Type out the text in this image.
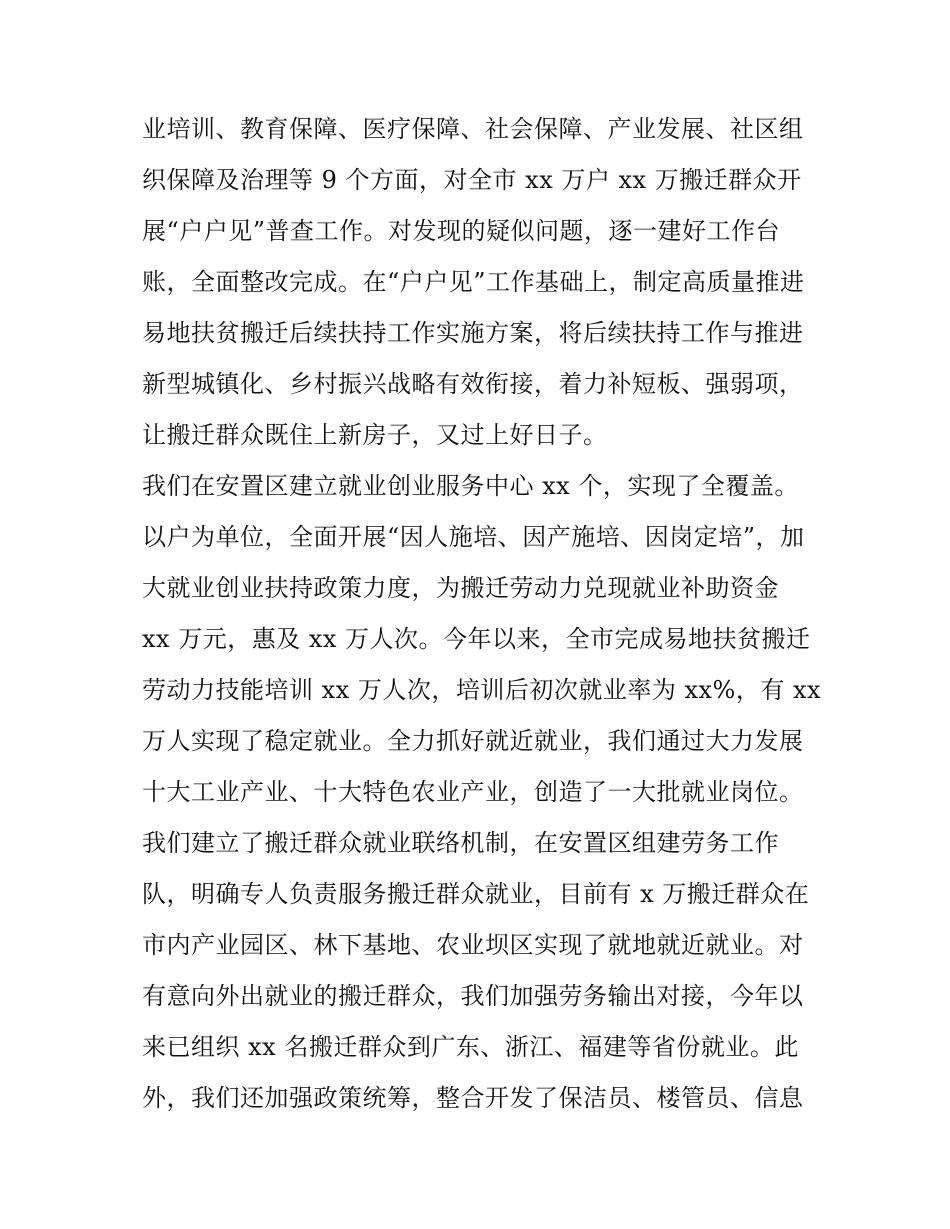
业培训、教育保障、医疗保障、社会保障、产业发展、社区组
织保障及治理等 9 个方面，对全市 xx 万户 xx 万搬迁群众开
展“户户见”普查工作。对发现的疑似问题，逐一建好工作台
账，全面整改完成。在“户户见”工作基础上，制定高质量推进
易地扶贫搬迁后续扶持工作实施方案，将后续扶持工作与推进
新型城镇化、乡村振兴战略有效衔接，着力补短板、强弱项，
让搬迁群众既住上新房子，又过上好日子。
我们在安置区建立就业创业服务中心 xx 个，实现了全覆盖。
以户为单位，全面开展“因人施培、因产施培、因岗定培”，加
大就业创业扶持政策力度，为搬迁劳动力兑现就业补助资金
xx 万元，惠及 xx 万人次。今年以来，全市完成易地扶贫搬迁
劳动力技能培训 xx 万人次，培训后初次就业率为 xx%，有 xx
万人实现了稳定就业。全力抓好就近就业，我们通过大力发展
十大工业产业、十大特色农业产业，创造了一大批就业岗位。
我们建立了搬迁群众就业联络机制，在安置区组建劳务工作
队，明确专人负责服务搬迁群众就业，目前有 x 万搬迁群众在
市内产业园区、林下基地、农业坝区实现了就地就近就业。对
有意向外出就业的搬迁群众，我们加强劳务输出对接，今年以
来已组织 xx 名搬迁群众到广东、浙江、福建等省份就业。此
外，我们还加强政策统筹，整合开发了保洁员、楼管员、信息
